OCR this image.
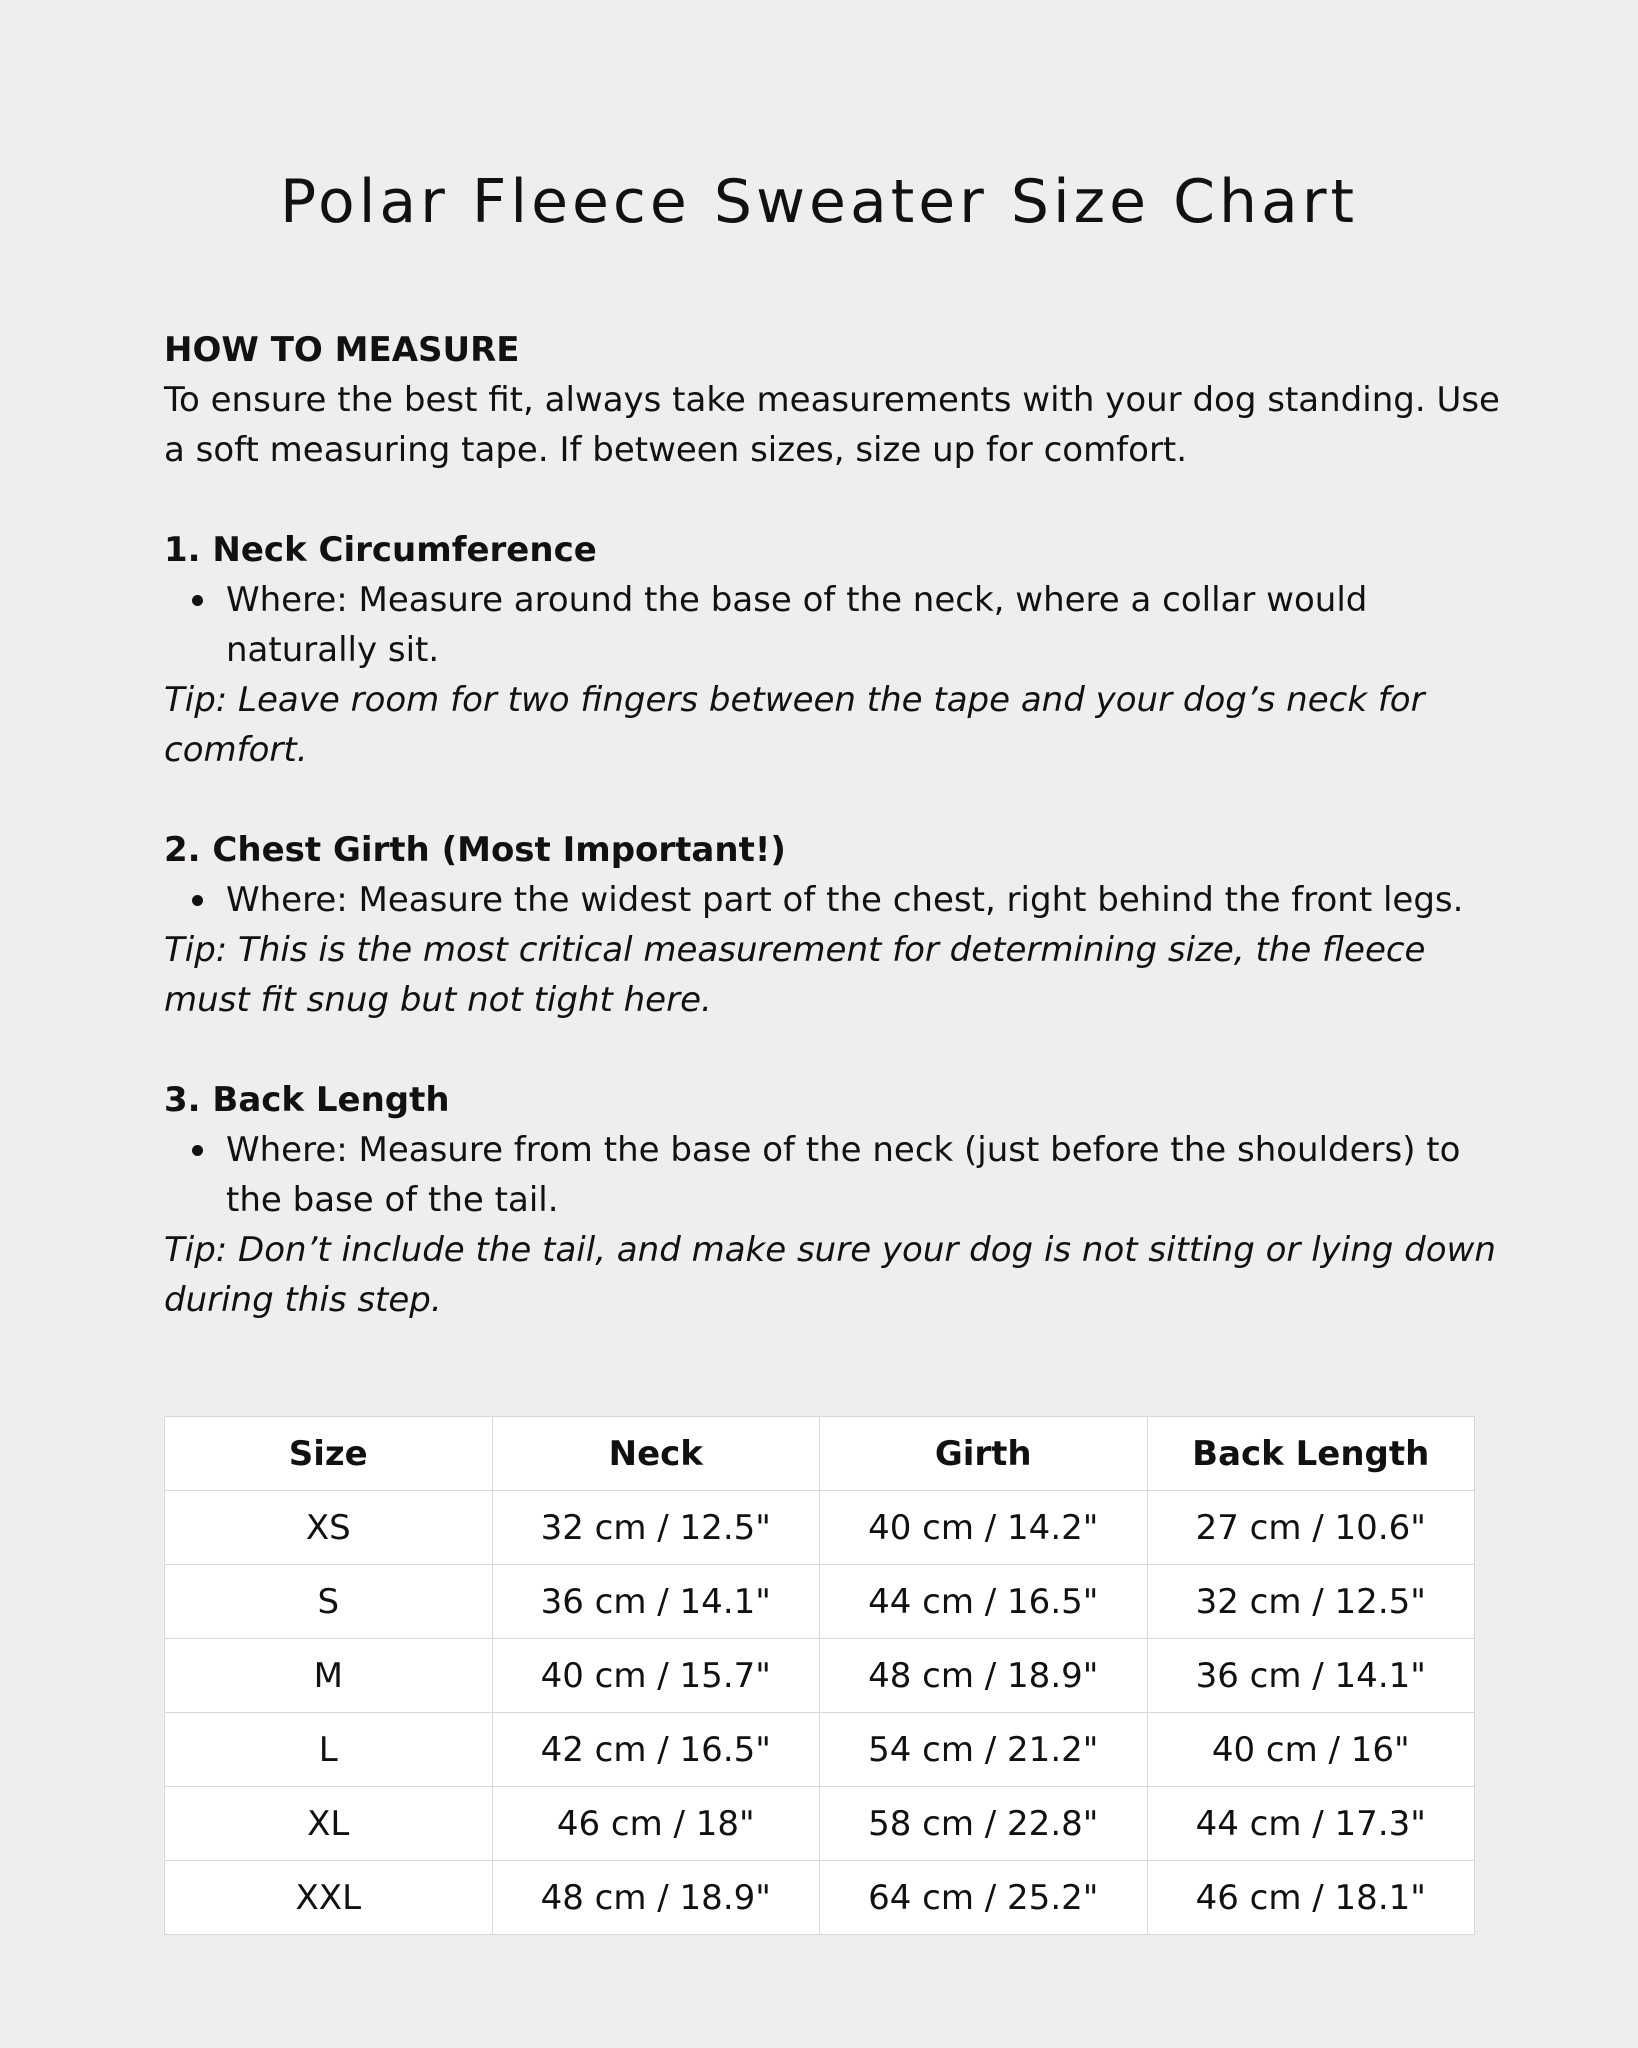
Polar Fleece Sweater Size Chart

HOW TO MEASURE

To ensure the best fit, always take measurements with your dog standing. Use a soft measuring tape. If between sizes, size up for comfort.

1. Neck Circumference

Where: Measure around the base of the neck, where a collar would naturally sit.

Tip: Leave room for two fingers between the tape and your dog’s neck for comfort.

2. Chest Girth (Most Important!)

Where: Measure the widest part of the chest, right behind the front legs.

Tip: This is the most critical measurement for determining size, the fleece must fit snug but not tight here.

3. Back Length

Where: Measure from the base of the neck (just before the shoulders) to the base of the tail.

Tip: Don’t include the tail, and make sure your dog is not sitting or lying down during this step.

Size	Neck	Girth	Back Length
XS	32 cm / 12.5"	40 cm / 14.2"	27 cm / 10.6"
S	36 cm / 14.1"	44 cm / 16.5"	32 cm / 12.5"
M	40 cm / 15.7"	48 cm / 18.9"	36 cm / 14.1"
L	42 cm / 16.5"	54 cm / 21.2"	40 cm / 16"
XL	46 cm / 18"	58 cm / 22.8"	44 cm / 17.3"
XXL	48 cm / 18.9"	64 cm / 25.2"	46 cm / 18.1"
